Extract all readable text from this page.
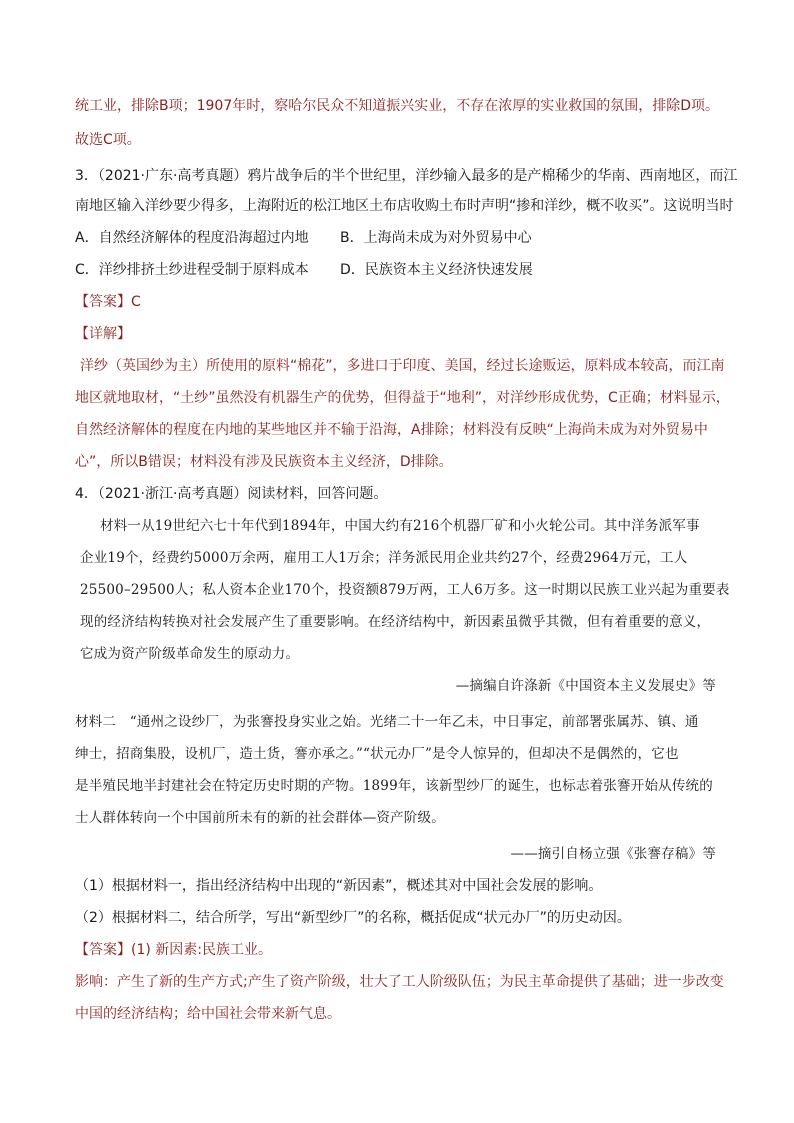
统工业，排除B项；1907年时，察哈尔民众不知道振兴实业，不存在浓厚的实业救国的氛围，排除D项。
故选C项。
3．（2021·广东·高考真题）鸦片战争后的半个世纪里，洋纱输入最多的是产棉稀少的华南、西南地区，而江
南地区输入洋纱要少得多，上海附近的松江地区土布店收购土布时声明“掺和洋纱，概不收买”。这说明当时
A．自然经济解体的程度沿海超过内地 B．上海尚未成为对外贸易中心
C．洋纱排挤土纱进程受制于原料成本 D．民族资本主义经济快速发展
【答案】C
【详解】
洋纱（英国纱为主）所使用的原料“棉花”，多进口于印度、美国，经过长途贩运，原料成本较高，而江南
地区就地取材，“土纱”虽然没有机器生产的优势，但得益于“地利”，对洋纱形成优势，C正确；材料显示，
自然经济解体的程度在内地的某些地区并不输于沿海，A排除；材料没有反映“上海尚未成为对外贸易中
心”，所以B错误；材料没有涉及民族资本主义经济，D排除。
4．（2021·浙江·高考真题）阅读材料，回答问题。
材料一从19世纪六七十年代到1894年，中国大约有216个机器厂矿和小火轮公司。其中洋务派军事
企业19个，经费约5000万余两，雇用工人1万余；洋务派民用企业共约27个，经费2964万元，工人
25500–29500人；私人资本企业170个，投资额879万两，工人6万多。这一时期以民族工业兴起为重要表
现的经济结构转换对社会发展产生了重要影响。在经济结构中，新因素虽微乎其微，但有着重要的意义，
它成为资产阶级革命发生的原动力。
—摘编自许涤新《中国资本主义发展史》等
材料二　“通州之设纱厂，为张謇投身实业之始。光绪二十一年乙未，中日事定，前部署张属苏、镇、通
绅士，招商集股，设机厂，造土货，謇亦承之。”“状元办厂”是令人惊异的，但却决不是偶然的，它也
是半殖民地半封建社会在特定历史时期的产物。1899年，该新型纱厂的诞生，也标志着张謇开始从传统的
士人群体转向一个中国前所未有的新的社会群体—资产阶级。
——摘引自杨立强《张謇存稿》等
（1）根据材料一，指出经济结构中出现的“新因素”，概述其对中国社会发展的影响。
（2）根据材料二，结合所学，写出“新型纱厂”的名称，概括促成“状元办厂”的历史动因。
【答案】(1) 新因素:民族工业。
影响：产生了新的生产方式;产生了资产阶级，壮大了工人阶级队伍；为民主革命提供了基础；进一步改变
中国的经济结构；给中国社会带来新气息。
